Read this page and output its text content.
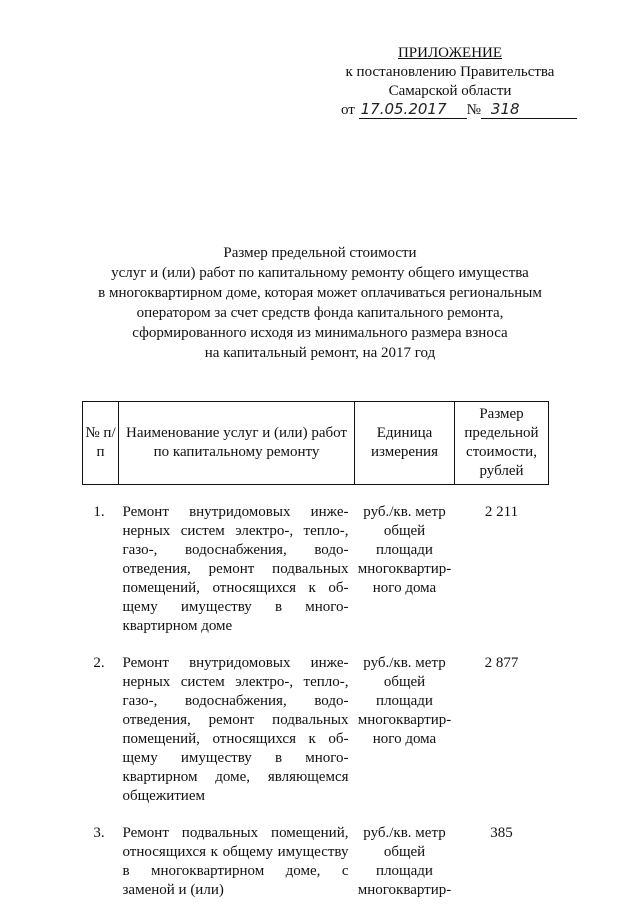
ПРИЛОЖЕНИЕ
к постановлению Правительства
Самарской области
от 17.05.2017 № 318
Размер предельной стоимости
услуг и (или) работ по капитальному ремонту общего имущества
в многоквартирном доме, которая может оплачиваться региональным
оператором за счет средств фонда капитального ремонта,
сформированного исходя из минимального размера взноса
на капитальный ремонт, на 2017 год
№ п/п	Наименование услуг и (или) работ по капитальному ремонту	Единица измерения	Размер предельной стоимости, рублей
1.	Ремонт внутридомовых инже-нерных систем электро-, тепло-, газо-, водоснабжения, водо-отведения, ремонт подвальных помещений, относящихся к об-щему имуществу в много-квартирном доме	руб./кв. метр общей площади многоквартир-ного дома	2 211
2.	Ремонт внутридомовых инже-нерных систем электро-, тепло-, газо-, водоснабжения, водо-отведения, ремонт подвальных помещений, относящихся к об-щему имуществу в много-квартирном доме, являющемся общежитием	руб./кв. метр общей площади многоквартир-ного дома	2 877
3.	Ремонт подвальных помещений, относящихся к общему имуществу в многоквартирном доме, с заменой и (или)	руб./кв. метр общей площади многоквартир-	385
